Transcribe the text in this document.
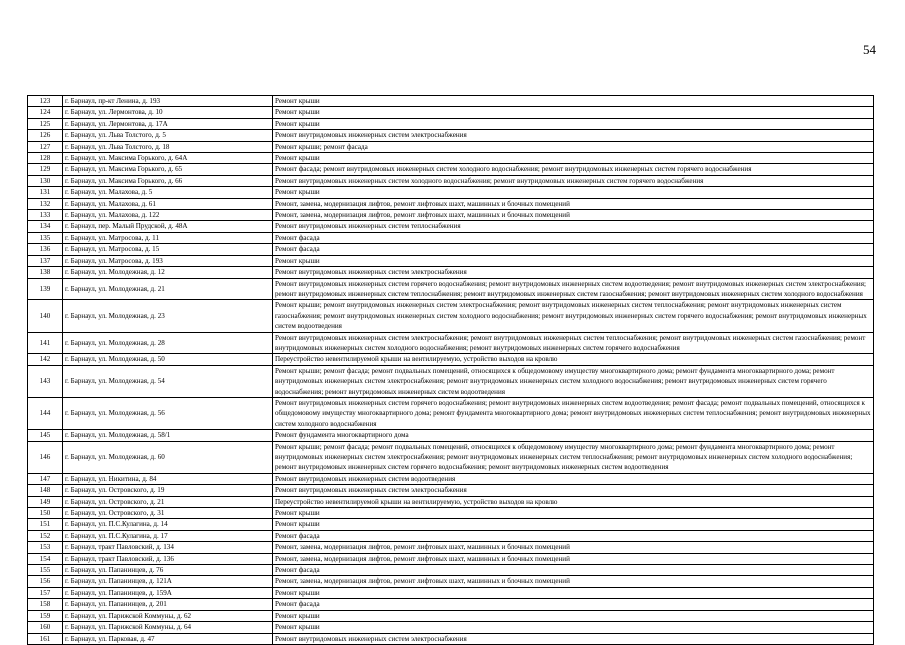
54
123	г. Барнаул, пр-кт Ленина, д. 193	Ремонт крыши
124	г. Барнаул, ул. Лермонтова, д. 10	Ремонт крыши
125	г. Барнаул, ул. Лермонтова, д. 17А	Ремонт крыши
126	г. Барнаул, ул. Льва Толстого, д. 5	Ремонт внутридомовых инженерных систем электроснабжения
127	г. Барнаул, ул. Льва Толстого, д. 18	Ремонт крыши; ремонт фасада
128	г. Барнаул, ул. Максима Горького, д. 64А	Ремонт крыши
129	г. Барнаул, ул. Максима Горького, д. 65	Ремонт фасада; ремонт внутридомовых инженерных систем холодного водоснабжения; ремонт внутридомовых инженерных систем горячего водоснабжения
130	г. Барнаул, ул. Максима Горького, д. 66	Ремонт внутридомовых инженерных систем холодного водоснабжения; ремонт внутридомовых инженерных систем горячего водоснабжения
131	г. Барнаул, ул. Малахова, д. 5	Ремонт крыши
132	г. Барнаул, ул. Малахова, д. 61	Ремонт, замена, модернизация лифтов, ремонт лифтовых шахт, машинных и блочных помещений
133	г. Барнаул, ул. Малахова, д. 122	Ремонт, замена, модернизация лифтов, ремонт лифтовых шахт, машинных и блочных помещений
134	г. Барнаул, пер. Малый Прудской, д. 48А	Ремонт внутридомовых инженерных систем теплоснабжения
135	г. Барнаул, ул. Матросова, д. 11	Ремонт фасада
136	г. Барнаул, ул. Матросова, д. 15	Ремонт фасада
137	г. Барнаул, ул. Матросова, д. 193	Ремонт крыши
138	г. Барнаул, ул. Молодежная, д. 12	Ремонт внутридомовых инженерных систем электроснабжения
139	г. Барнаул, ул. Молодежная, д. 21	Ремонт внутридомовых инженерных систем горячего водоснабжения; ремонт внутридомовых инженерных систем водоотведения; ремонт внутридомовых инженерных систем электроснабжения; ремонт внутридомовых инженерных систем теплоснабжения; ремонт внутридомовых инженерных систем газоснабжения; ремонт внутридомовых инженерных систем холодного водоснабжения
140	г. Барнаул, ул. Молодежная, д. 23	Ремонт крыши; ремонт внутридомовых инженерных систем электроснабжения; ремонт внутридомовых инженерных систем теплоснабжения; ремонт внутридомовых инженерных систем газоснабжения; ремонт внутридомовых инженерных систем холодного водоснабжения; ремонт внутридомовых инженерных систем горячего водоснабжения; ремонт внутридомовых инженерных систем водоотведения
141	г. Барнаул, ул. Молодежная, д. 28	Ремонт внутридомовых инженерных систем электроснабжения; ремонт внутридомовых инженерных систем теплоснабжения; ремонт внутридомовых инженерных систем газоснабжения; ремонт внутридомовых инженерных систем холодного водоснабжения; ремонт внутридомовых инженерных систем горячего водоснабжения
142	г. Барнаул, ул. Молодежная, д. 50	Переустройство невентилируемой крыши на вентилируемую, устройство выходов на кровлю
143	г. Барнаул, ул. Молодежная, д. 54	Ремонт крыши; ремонт фасада; ремонт подвальных помещений, относящихся к общедомовому имуществу многоквартирного дома; ремонт фундамента многоквартирного дома; ремонт внутридомовых инженерных систем электроснабжения; ремонт внутридомовых инженерных систем холодного водоснабжения; ремонт внутридомовых инженерных систем горячего водоснабжения; ремонт внутридомовых инженерных систем водоотведения
144	г. Барнаул, ул. Молодежная, д. 56	Ремонт внутридомовых инженерных систем горячего водоснабжения; ремонт внутридомовых инженерных систем водоотведения; ремонт фасада; ремонт подвальных помещений, относящихся к общедомовому имуществу многоквартирного дома; ремонт фундамента многоквартирного дома; ремонт внутридомовых инженерных систем теплоснабжения; ремонт внутридомовых инженерных систем холодного водоснабжения
145	г. Барнаул, ул. Молодежная, д. 58/1	Ремонт фундамента многоквартирного дома
146	г. Барнаул, ул. Молодежная, д. 60	Ремонт крыши; ремонт фасада; ремонт подвальных помещений, относящихся к общедомовому имуществу многоквартирного дома; ремонт фундамента многоквартирного дома; ремонт внутридомовых инженерных систем электроснабжения; ремонт внутридомовых инженерных систем теплоснабжения; ремонт внутридомовых инженерных систем холодного водоснабжения; ремонт внутридомовых инженерных систем горячего водоснабжения; ремонт внутридомовых инженерных систем водоотведения
147	г. Барнаул, ул. Никитина, д. 84	Ремонт внутридомовых инженерных систем водоотведения
148	г. Барнаул, ул. Островского, д. 19	Ремонт внутридомовых инженерных систем электроснабжения
149	г. Барнаул, ул. Островского, д. 21	Переустройство невентилируемой крыши на вентилируемую, устройство выходов на кровлю
150	г. Барнаул, ул. Островского, д. 31	Ремонт крыши
151	г. Барнаул, ул. П.С.Кулагина, д. 14	Ремонт крыши
152	г. Барнаул, ул. П.С.Кулагина, д. 17	Ремонт фасада
153	г. Барнаул, тракт Павловский, д. 134	Ремонт, замена, модернизация лифтов, ремонт лифтовых шахт, машинных и блочных помещений
154	г. Барнаул, тракт Павловский, д. 136	Ремонт, замена, модернизация лифтов, ремонт лифтовых шахт, машинных и блочных помещений
155	г. Барнаул, ул. Папанинцев, д. 76	Ремонт фасада
156	г. Барнаул, ул. Папанинцев, д. 121А	Ремонт, замена, модернизация лифтов, ремонт лифтовых шахт, машинных и блочных помещений
157	г. Барнаул, ул. Папанинцев, д. 159А	Ремонт крыши
158	г. Барнаул, ул. Папанинцев, д. 201	Ремонт фасада
159	г. Барнаул, ул. Парижской Коммуны, д. 62	Ремонт крыши
160	г. Барнаул, ул. Парижской Коммуны, д. 64	Ремонт крыши
161	г. Барнаул, ул. Парковая, д. 47	Ремонт внутридомовых инженерных систем электроснабжения
